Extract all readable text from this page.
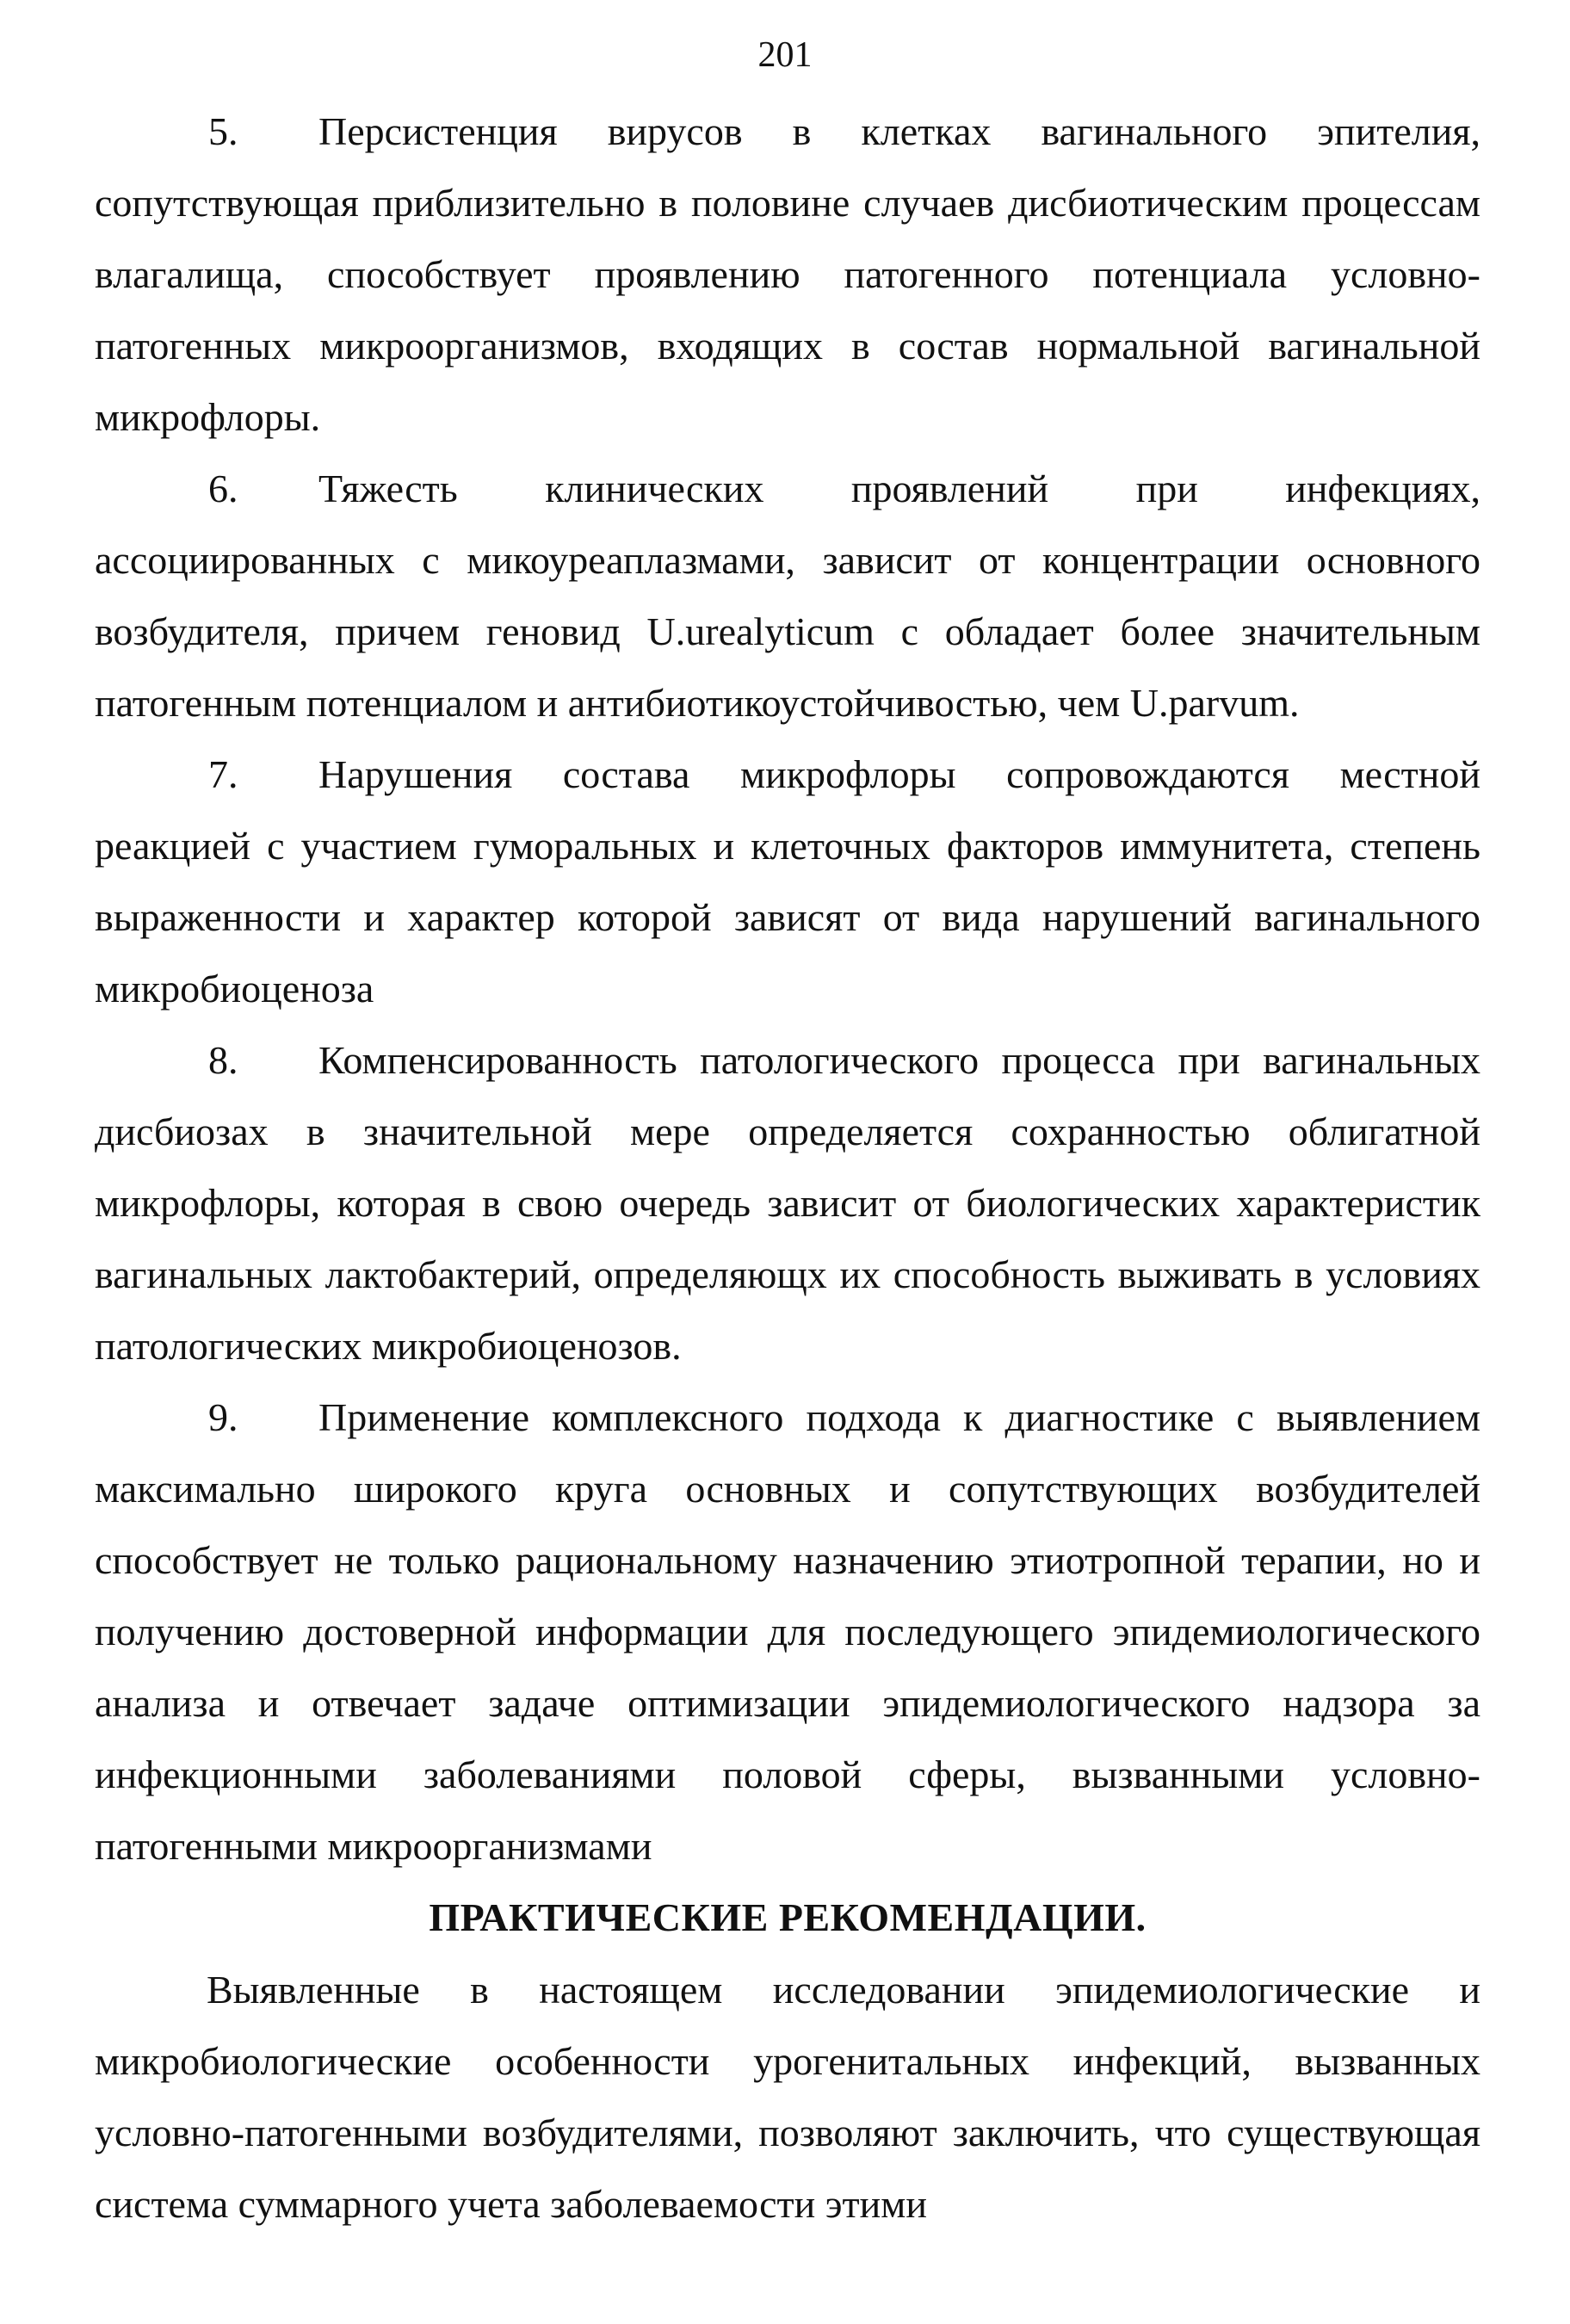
201

5. Персистенция вирусов в клетках вагинального эпителия, сопутствующая приблизительно в половине случаев дисбиотическим процессам влагалища, способствует проявлению патогенного потенциала условно-патогенных микроорганизмов, входящих в состав нормальной вагинальной микрофлоры.

6. Тяжесть клинических проявлений при инфекциях, ассоциированных с микоуреаплазмами, зависит от концентрации основного возбудителя, причем геновид U.urealyticum с обладает более значительным патогенным потенциалом и антибиотикоустойчивостью, чем U.parvum.

7. Нарушения состава микрофлоры сопровождаются местной реакцией с участием гуморальных и клеточных факторов иммунитета, степень выраженности и характер которой зависят от вида нарушений вагинального микробиоценоза

8. Компенсированность патологического процесса при вагинальных дисбиозах в значительной мере определяется сохранностью облигатной микрофлоры, которая в свою очередь зависит от биологических характеристик вагинальных лактобактерий, определяющх их способность выживать в условиях патологических микробиоценозов.

9. Применение комплексного подхода к диагностике с выявлением максимально широкого круга основных и сопутствующих возбудителей способствует не только рациональному назначению этиотропной терапии, но и получению достоверной информации для последующего эпидемиологического анализа и отвечает задаче оптимизации эпидемиологического надзора за инфекционными заболеваниями половой сферы, вызванными условно-патогенными микроорганизмами

ПРАКТИЧЕСКИЕ РЕКОМЕНДАЦИИ.

Выявленные в настоящем исследовании эпидемиологические и микробиологические особенности урогенитальных инфекций, вызванных условно-патогенными возбудителями, позволяют заключить, что существующая система суммарного учета заболеваемости этими
